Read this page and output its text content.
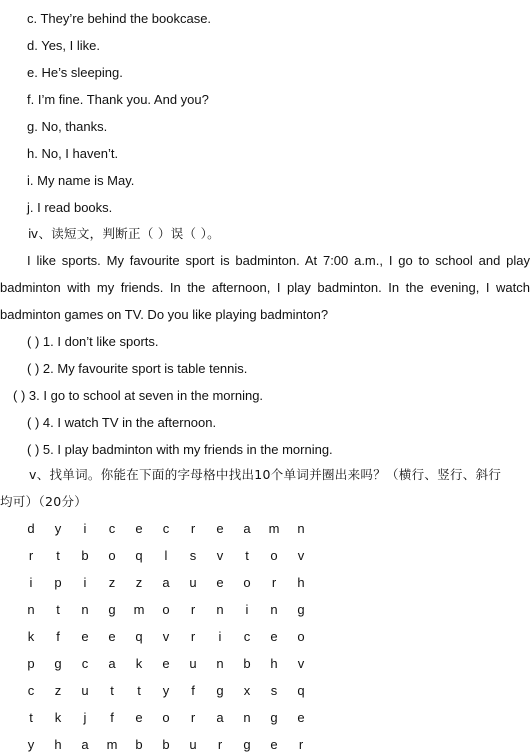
c. They’re behind the bookcase.
d. Yes, I like.
e. He’s sleeping.
f. I’m fine. Thank you. And you?
g. No, thanks.
h. No, I haven’t.
i. My name is May.
j. I read books.
ⅳ、读短文，判断正（ ）误（ ）。
I like sports. My favourite sport is badminton. At 7:00 a.m., I go to school and play badminton with my friends. In the afternoon, I play badminton. In the evening, I watch badminton games on TV. Do you like playing badminton?
( ) 1. I don’t like sports.
( ) 2. My favourite sport is table tennis.
( ) 3. I go to school at seven in the morning.
( ) 4. I watch TV in the afternoon.
( ) 5. I play badminton with my friends in the morning.
ⅴ、找单词。你能在下面的字母格中找出10个单词并圈出来吗？（横行、竖行、斜行
均可）（20分）
d	y	i	c	e	c	r	e	a	m	n
r	t	b	o	q	l	s	v	t	o	v
i	p	i	z	z	a	u	e	o	r	h
n	t	n	g	m	o	r	n	i	n	g
k	f	e	e	q	v	r	i	c	e	o
p	g	c	a	k	e	u	n	b	h	v
c	z	u	t	t	y	f	g	x	s	q
t	k	j	f	e	o	r	a	n	g	e
y	h	a	m	b	b	u	r	g	e	r
